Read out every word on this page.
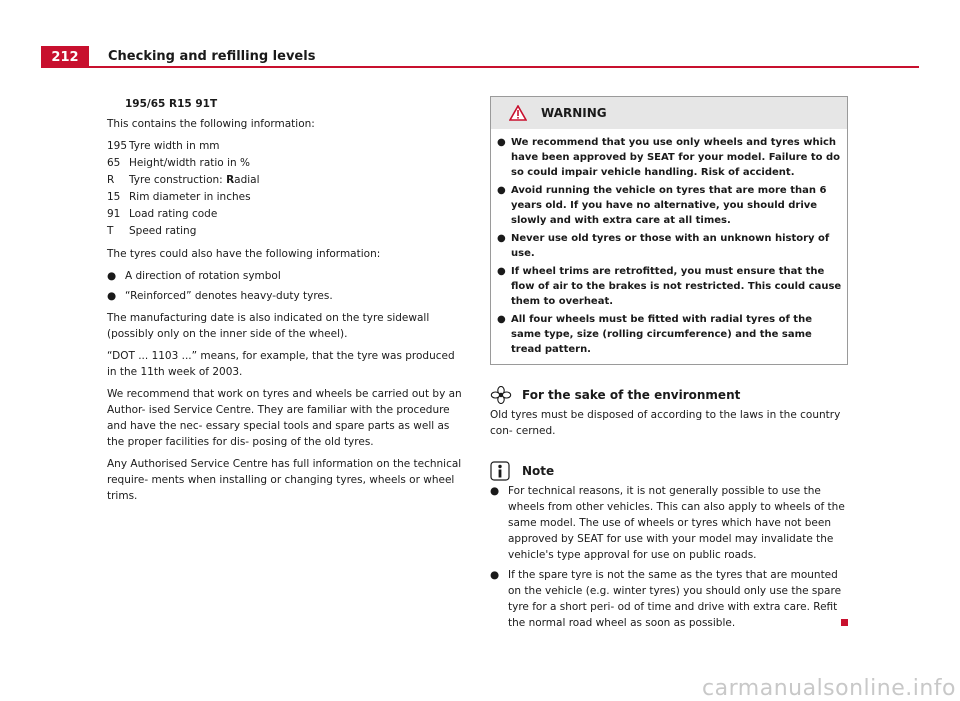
212	Checking and refilling levels
195/65 R15 91T

This contains the following information:

195 Tyre width in mm
65 Height/width ratio in %
R	Tyre construction: Radial
15 Rim diameter in inches
91 Load rating code
T	Speed rating

The tyres could also have the following information:

● A direction of rotation symbol
● “Reinforced” denotes heavy-duty tyres.

The manufacturing date is also indicated on the tyre sidewall (possibly only on the inner side of the wheel).

“DOT ... 1103 ...” means, for example, that the tyre was produced in the 11th week of 2003.

We recommend that work on tyres and wheels be carried out by an Author- ised Service Centre. They are familiar with the procedure and have the nec- essary special tools and spare parts as well as the proper facilities for dis- posing of the old tyres.

Any Authorised Service Centre has full information on the technical require- ments when installing or changing tyres, wheels or wheel trims.

WARNING
● We recommend that you use only wheels and tyres which have been approved by SEAT for your model. Failure to do so could impair vehicle handling. Risk of accident.
● Avoid running the vehicle on tyres that are more than 6 years old. If you have no alternative, you should drive slowly and with extra care at all times.
● Never use old tyres or those with an unknown history of use.
● If wheel trims are retrofitted, you must ensure that the flow of air to the brakes is not restricted. This could cause them to overheat.
● All four wheels must be fitted with radial tyres of the same type, size (rolling circumference) and the same tread pattern.
For the sake of the environment

Old tyres must be disposed of according to the laws in the country con- cerned.

Note
● For technical reasons, it is not generally possible to use the wheels from other vehicles. This can also apply to wheels of the same model. The use of wheels or tyres which have not been approved by SEAT for use with your model may invalidate the vehicle's type approval for use on public roads.
● If the spare tyre is not the same as the tyres that are mounted on the vehicle (e.g. winter tyres) you should only use the spare tyre for a short peri- od of time and drive with extra care. Refit the normal road wheel as soon as possible.
carmanualsonline.info
